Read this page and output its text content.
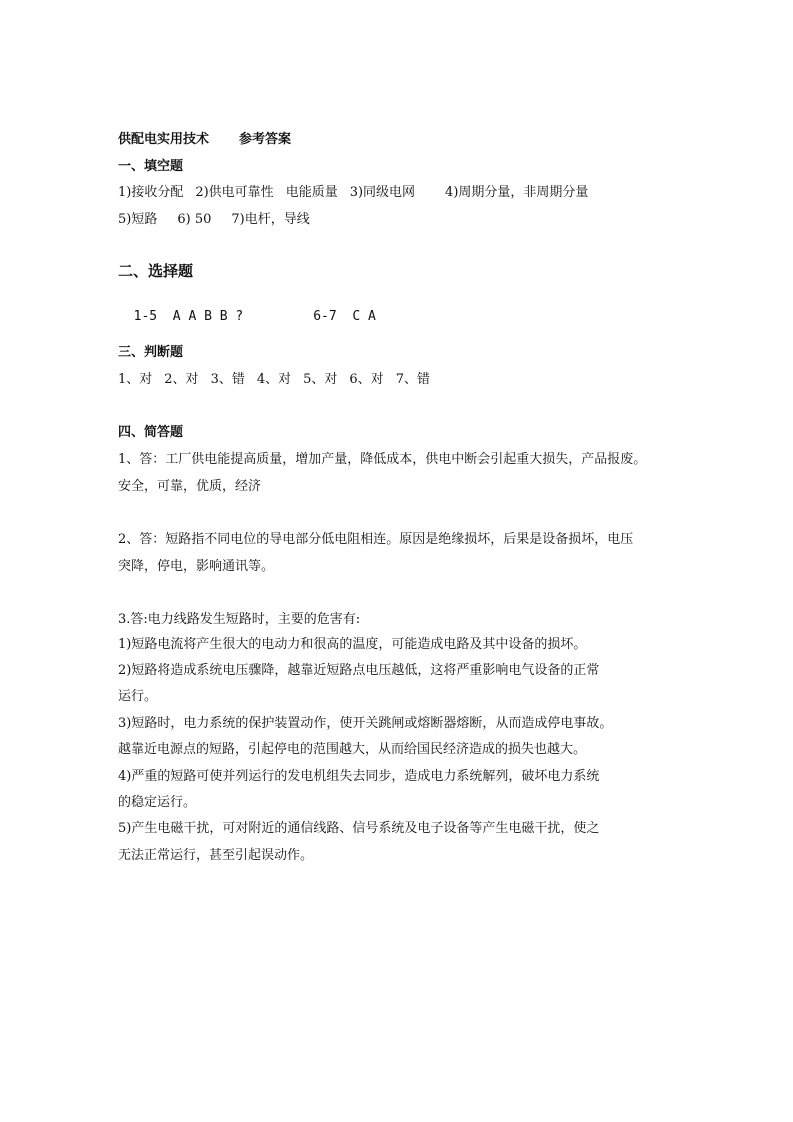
供配电实用技术 参考答案
一、填空题
1)接收分配 2)供电可靠性 电能质量 3)同级电网 4)周期分量，非周期分量
5)短路 6) 50 7)电杆，导线
二、选择题

1-5  A A B B ?	6-7  C A

三、判断题
1、对 2、对 3、错 4、对 5、对 6、对 7、错
四、简答题
1、答：工厂供电能提高质量，增加产量，降低成本，供电中断会引起重大损失，产品报废。
安全，可靠，优质，经济
2、答：短路指不同电位的导电部分低电阻相连。原因是绝缘损坏，后果是设备损坏，电压
突降，停电，影响通讯等。
3.答:电力线路发生短路时，主要的危害有:
1)短路电流将产生很大的电动力和很高的温度，可能造成电路及其中设备的损坏。
2)短路将造成系统电压骤降，越靠近短路点电压越低，这将严重影响电气设备的正常
运行。
3)短路时，电力系统的保护装置动作，使开关跳闸或熔断器熔断，从而造成停电事故。
越靠近电源点的短路，引起停电的范围越大，从而给国民经济造成的损失也越大。
4)严重的短路可使并列运行的发电机组失去同步，造成电力系统解列，破坏电力系统
的稳定运行。
5)产生电磁干扰，可对附近的通信线路、信号系统及电子设备等产生电磁干扰，使之
无法正常运行，甚至引起误动作。
